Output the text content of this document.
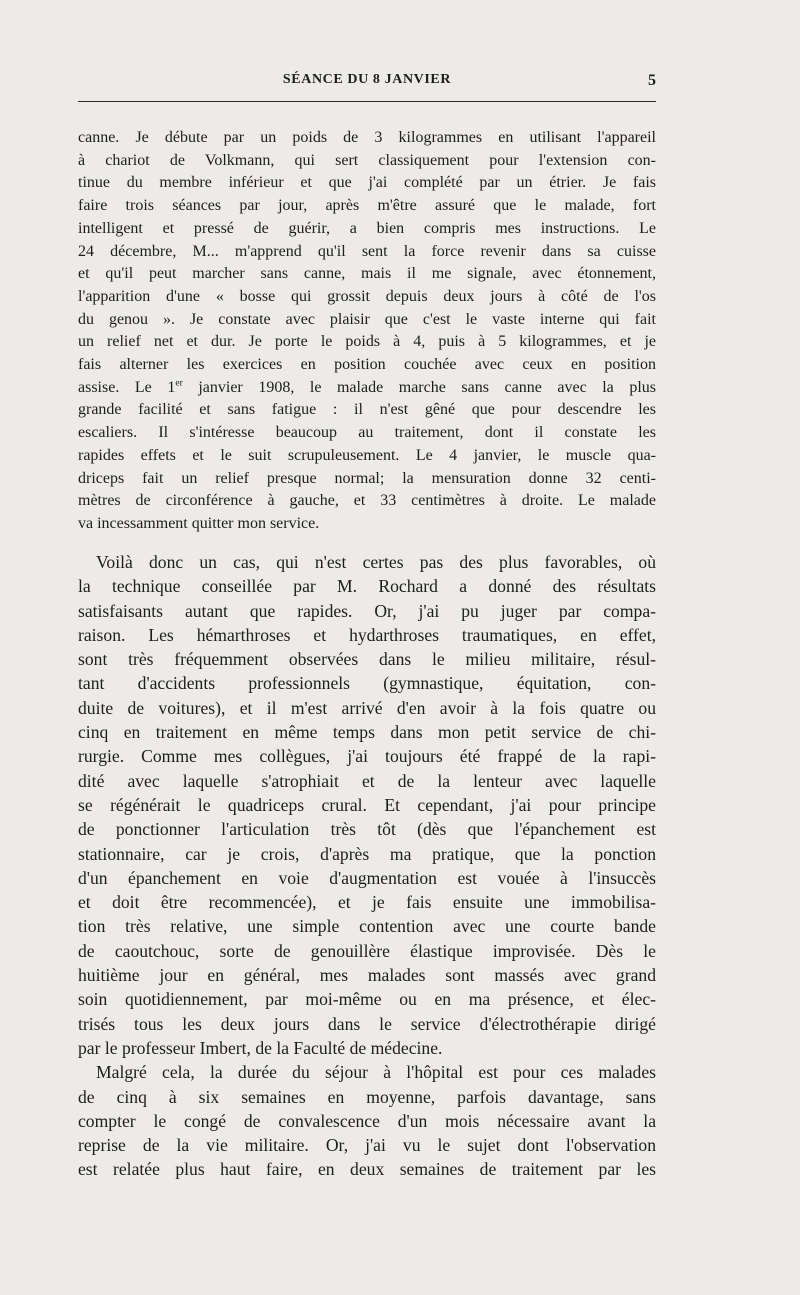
SÉANCE DU 8 JANVIER	5
canne. Je débute par un poids de 3 kilogrammes en utilisant l'appareil
à chariot de Volkmann, qui sert classiquement pour l'extension con-
tinue du membre inférieur et que j'ai complété par un étrier. Je fais
faire trois séances par jour, après m'être assuré que le malade, fort
intelligent et pressé de guérir, a bien compris mes instructions. Le
24 décembre, M... m'apprend qu'il sent la force revenir dans sa cuisse
et qu'il peut marcher sans canne, mais il me signale, avec étonnement,
l'apparition d'une « bosse qui grossit depuis deux jours à côté de l'os
du genou ». Je constate avec plaisir que c'est le vaste interne qui fait
un relief net et dur. Je porte le poids à 4, puis à 5 kilogrammes, et je
fais alterner les exercices en position couchée avec ceux en position
assise. Le 1er janvier 1908, le malade marche sans canne avec la plus
grande facilité et sans fatigue : il n'est gêné que pour descendre les
escaliers. Il s'intéresse beaucoup au traitement, dont il constate les
rapides effets et le suit scrupuleusement. Le 4 janvier, le muscle qua-
driceps fait un relief presque normal; la mensuration donne 32 centi-
mètres de circonférence à gauche, et 33 centimètres à droite. Le malade
va incessamment quitter mon service.
Voilà donc un cas, qui n'est certes pas des plus favorables, où
la technique conseillée par M. Rochard a donné des résultats
satisfaisants autant que rapides. Or, j'ai pu juger par compa-
raison. Les hémarthroses et hydarthroses traumatiques, en effet,
sont très fréquemment observées dans le milieu militaire, résul-
tant d'accidents professionnels (gymnastique, équitation, con-
duite de voitures), et il m'est arrivé d'en avoir à la fois quatre ou
cinq en traitement en même temps dans mon petit service de chi-
rurgie. Comme mes collègues, j'ai toujours été frappé de la rapi-
dité avec laquelle s'atrophiait et de la lenteur avec laquelle
se régénérait le quadriceps crural. Et cependant, j'ai pour principe
de ponctionner l'articulation très tôt (dès que l'épanchement est
stationnaire, car je crois, d'après ma pratique, que la ponction
d'un épanchement en voie d'augmentation est vouée à l'insuccès
et doit être recommencée), et je fais ensuite une immobilisa-
tion très relative, une simple contention avec une courte bande
de caoutchouc, sorte de genouillère élastique improvisée. Dès le
huitième jour en général, mes malades sont massés avec grand
soin quotidiennement, par moi-même ou en ma présence, et élec-
trisés tous les deux jours dans le service d'électrothérapie dirigé
par le professeur Imbert, de la Faculté de médecine.
Malgré cela, la durée du séjour à l'hôpital est pour ces malades
de cinq à six semaines en moyenne, parfois davantage, sans
compter le congé de convalescence d'un mois nécessaire avant la
reprise de la vie militaire. Or, j'ai vu le sujet dont l'observation
est relatée plus haut faire, en deux semaines de traitement par les
